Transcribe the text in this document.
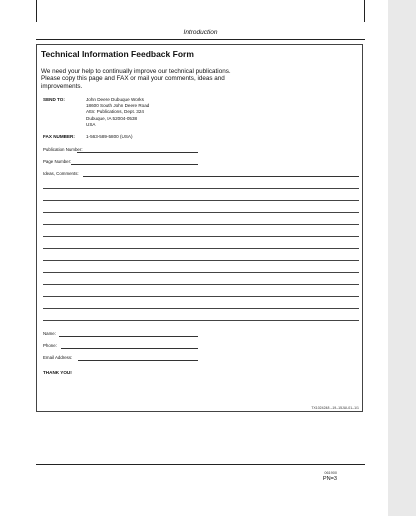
Introduction
Technical Information Feedback Form
We need your help to continually improve our technical publications. Please copy this page and FAX or mail your comments, ideas and improvements.
SEND TO:	John Deere Dubuque Works
18600 South John Deere Road
Attn: Publications, Dept. 324
Dubuque, IA 52004-0538
USA
FAX NUMBER: 1-563-589-5800 (USA)
Publication Number:
Page Number:
Ideas, Comments:
Name:
Phone:
Email Address:
THANK YOU!
TX1024248 –19–15JUL01–1/1
061900
PN=3
